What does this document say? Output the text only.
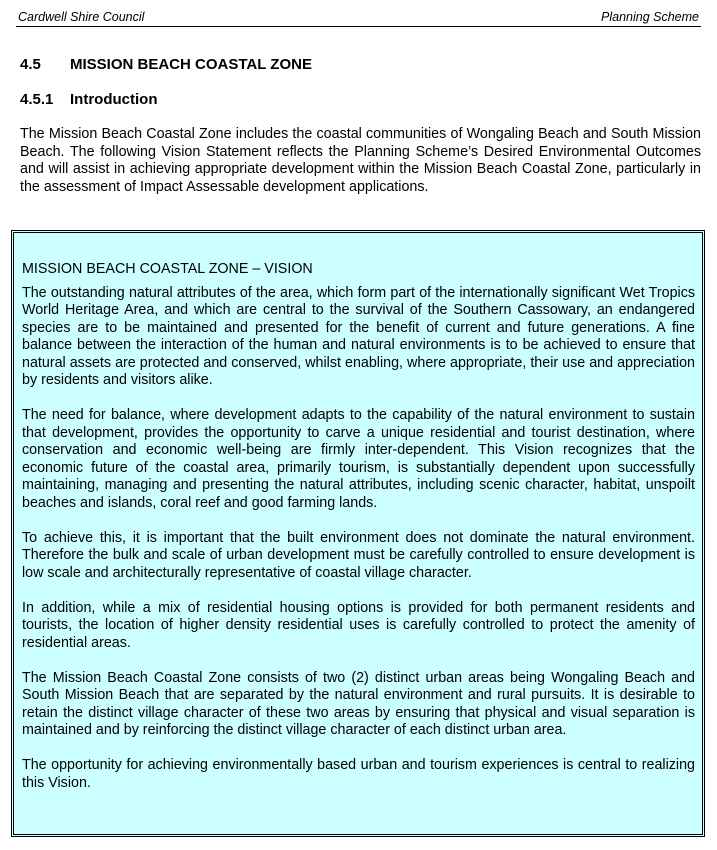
Cardwell Shire Council	Planning Scheme
4.5 MISSION BEACH COASTAL ZONE
4.5.1 Introduction
The Mission Beach Coastal Zone includes the coastal communities of Wongaling Beach and South Mission Beach. The following Vision Statement reflects the Planning Scheme’s Desired Environmental Outcomes and will assist in achieving appropriate development within the Mission Beach Coastal Zone, particularly in the assessment of Impact Assessable development applications.
MISSION BEACH COASTAL ZONE – VISION

The outstanding natural attributes of the area, which form part of the internationally significant Wet Tropics World Heritage Area, and which are central to the survival of the Southern Cassowary, an endangered species are to be maintained and presented for the benefit of current and future generations. A fine balance between the interaction of the human and natural environments is to be achieved to ensure that natural assets are protected and conserved, whilst enabling, where appropriate, their use and appreciation by residents and visitors alike.

The need for balance, where development adapts to the capability of the natural environment to sustain that development, provides the opportunity to carve a unique residential and tourist destination, where conservation and economic well-being are firmly inter-dependent. This Vision recognizes that the economic future of the coastal area, primarily tourism, is substantially dependent upon successfully maintaining, managing and presenting the natural attributes, including scenic character, habitat, unspoilt beaches and islands, coral reef and good farming lands.

To achieve this, it is important that the built environment does not dominate the natural environment. Therefore the bulk and scale of urban development must be carefully controlled to ensure development is low scale and architecturally representative of coastal village character.

In addition, while a mix of residential housing options is provided for both permanent residents and tourists, the location of higher density residential uses is carefully controlled to protect the amenity of residential areas.

The Mission Beach Coastal Zone consists of two (2) distinct urban areas being Wongaling Beach and South Mission Beach that are separated by the natural environment and rural pursuits. It is desirable to retain the distinct village character of these two areas by ensuring that physical and visual separation is maintained and by reinforcing the distinct village character of each distinct urban area.

The opportunity for achieving environmentally based urban and tourism experiences is central to realizing this Vision.
